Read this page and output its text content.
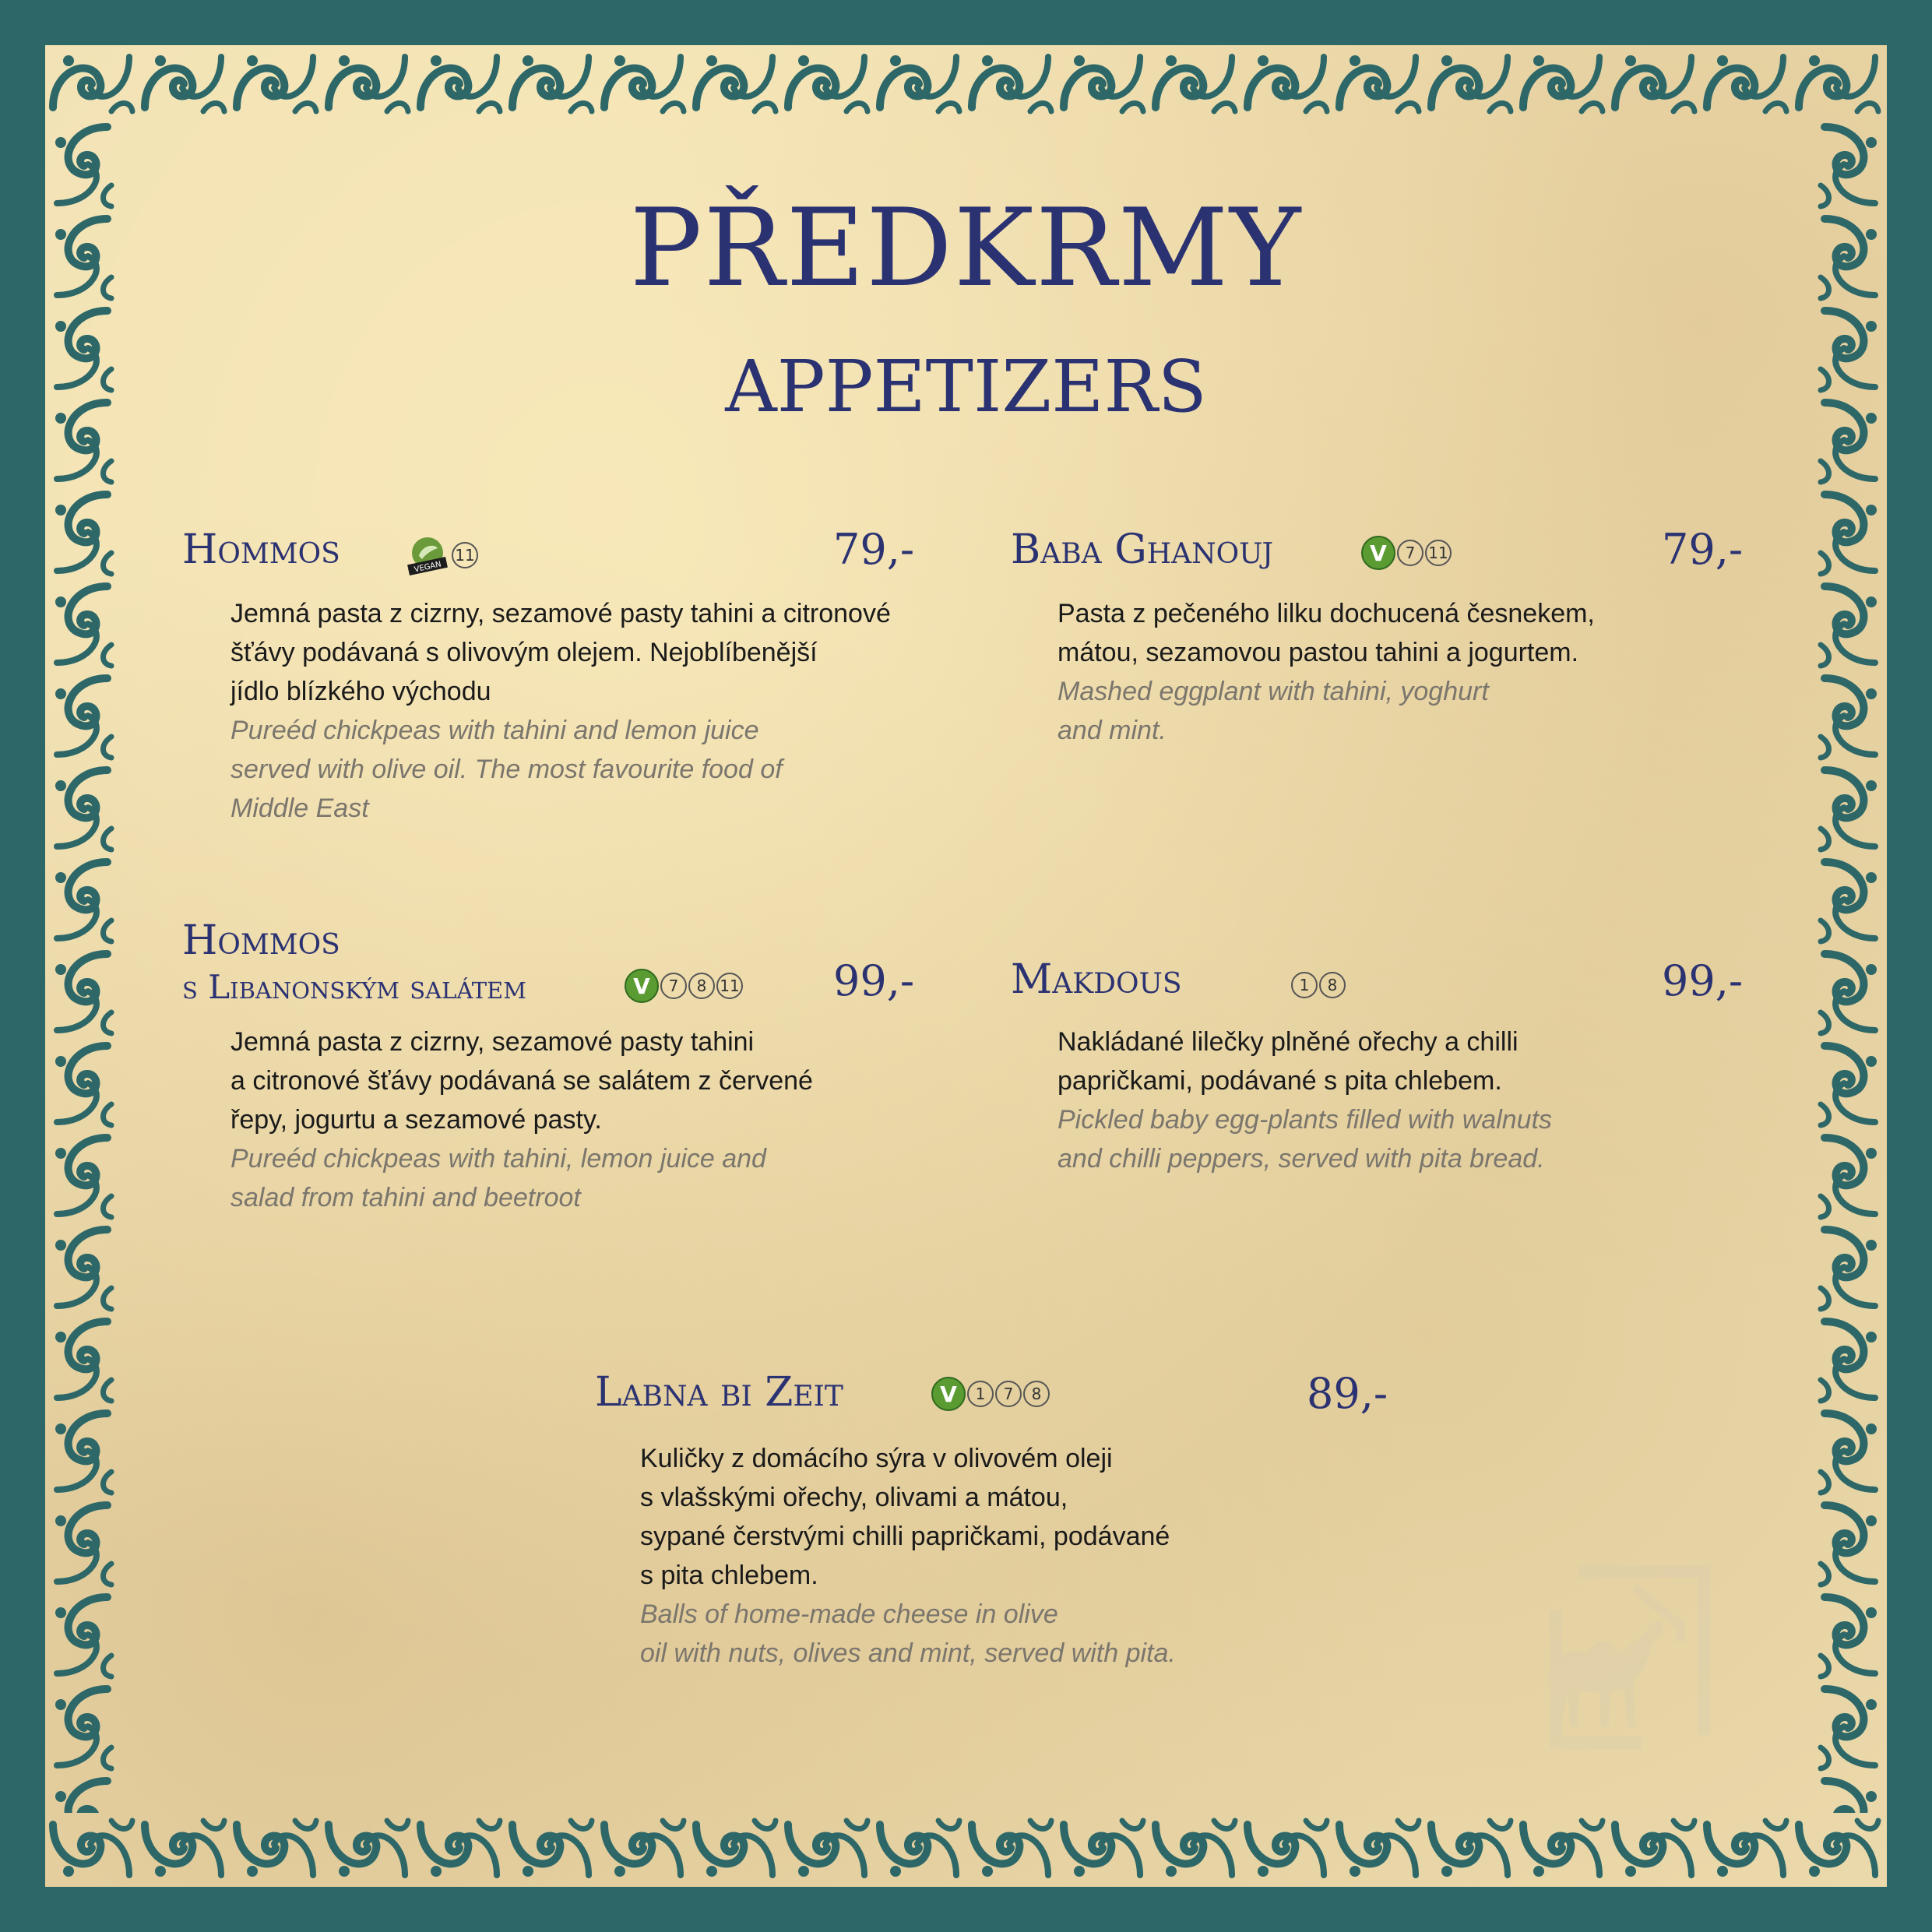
PŘEDKRMY
APPETIZERS
Hommos	VEGAN
11	79,-
Jemná pasta z cizrny, sezamové pasty tahini a citronové
šťávy podávaná s olivovým olejem. Nejoblíbenější
jídlo blízkého východu
Pureéd chickpeas with tahini and lemon juice
served with olive oil. The most favourite food of
Middle East
Baba Ghanouj	V	7 11	79,-
Pasta z pečeného lilku dochucená česnekem,
mátou, sezamovou pastou tahini a jogurtem.
Mashed eggplant with tahini, yoghurt
and mint.
Hommos
s Libanonským salátem	V	7	8 11 99,-
Jemná pasta z cizrny, sezamové pasty tahini
a citronové šťávy podávaná se salátem z červené
řepy, jogurtu a sezamové pasty.
Pureéd chickpeas with tahini, lemon juice and
salad from tahini and beetroot
Makdous	1	8	99,-
Nakládané lilečky plněné ořechy a chilli
papričkami, podávané s pita chlebem.
Pickled baby egg-plants filled with walnuts
and chilli peppers, served with pita bread.
Labna bi Zeit	V	1	7	8	89,-
Kuličky z domácího sýra v olivovém oleji
s vlašskými ořechy, olivami a mátou,
sypané čerstvými chilli papričkami, podávané
s pita chlebem.
Balls of home-made cheese in olive
oil with nuts, olives and mint, served with pita.
